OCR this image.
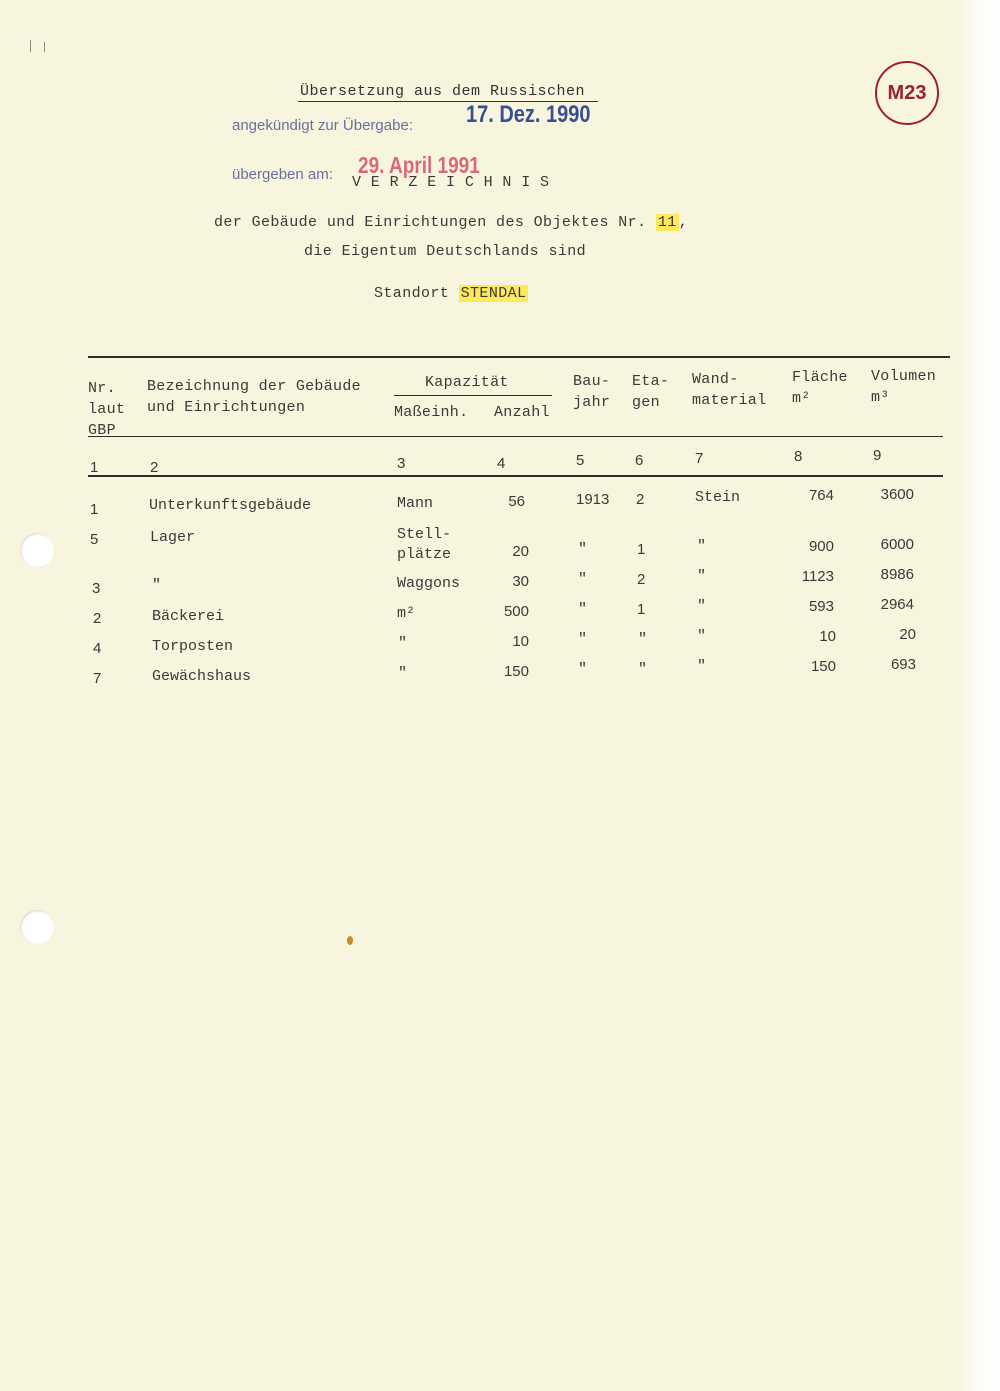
Übersetzung aus dem Russischen
angekündigt zur Übergabe:	17. Dez. 1990
übergeben am: 29. April 1991
M23
V E R Z E I C H N I S
der Gebäude und Einrichtungen des Objektes Nr. 11 ,
die Eigentum Deutschlands sind
Standort STENDAL
Nr.
laut
GBP
Bezeichnung der Gebäude
und Einrichtungen
Kapazität
Maßeinh. Anzahl
Bau-
jahr
Eta-
gen
Wand-
material
Fläche
m²
Volumen
m³
1	2	3	4	5	6	7	8	9
1	Unterkunftsgebäude	Mann	56	1913 2	Stein	764	3600
5	Lager	Stell-
plätze	20	"	1	"	900	6000
3	"	Waggons	30	"	2	"	1123	8986
2	Bäckerei	m²	500	"	1	"	593	2964
4	Torposten	"	10	"	"	"	10	20
7	Gewächshaus	"	150	"	"	"	150	693
